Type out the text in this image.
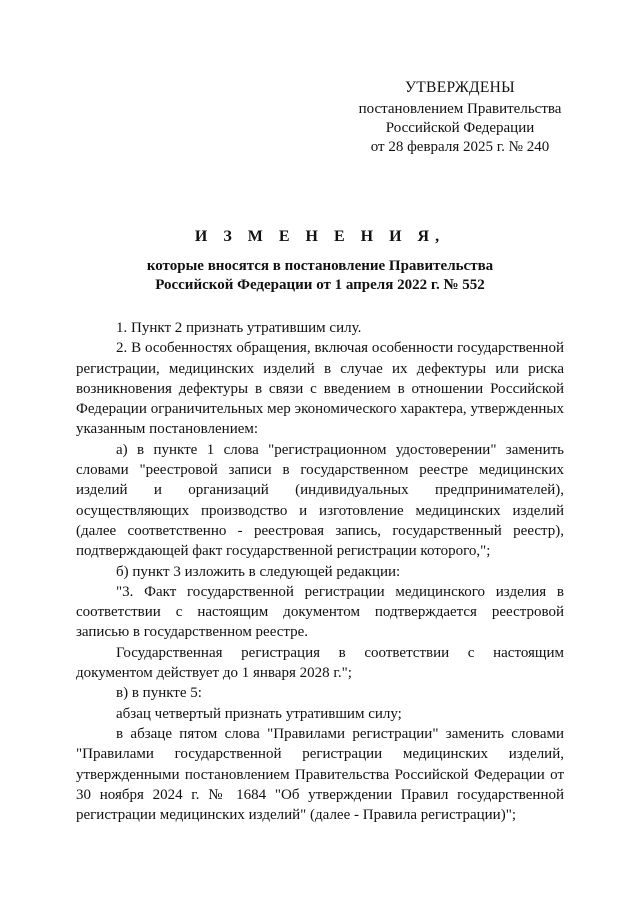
УТВЕРЖДЕНЫ
постановлением Правительства
Российской Федерации
от 28 февраля 2025 г. № 240
И З М Е Н Е Н И Я,
которые вносятся в постановление Правительства
Российской Федерации от 1 апреля 2022 г. № 552

1. Пункт 2 признать утратившим силу.

2. В особенностях обращения, включая особенности государственной регистрации, медицинских изделий в случае их дефектуры или риска возникновения дефектуры в связи с введением в отношении Российской Федерации ограничительных мер экономического характера, утвержденных указанным постановлением:

а) в пункте 1 слова "регистрационном удостоверении" заменить словами "реестровой записи в государственном реестре медицинских изделий и организаций (индивидуальных предпринимателей), осуществляющих производство и изготовление медицинских изделий (далее соответственно - реестровая запись, государственный реестр), подтверждающей факт государственной регистрации которого,";

б) пункт 3 изложить в следующей редакции:

"3. Факт государственной регистрации медицинского изделия в соответствии с настоящим документом подтверждается реестровой записью в государственном реестре.

Государственная регистрация в соответствии с настоящим документом действует до 1 января 2028 г.";

в) в пункте 5:

абзац четвертый признать утратившим силу;

в абзаце пятом слова "Правилами регистрации" заменить словами "Правилами государственной регистрации медицинских изделий, утвержденными постановлением Правительства Российской Федерации от 30 ноября 2024 г. № 1684 "Об утверждении Правил государственной регистрации медицинских изделий" (далее - Правила регистрации)";
